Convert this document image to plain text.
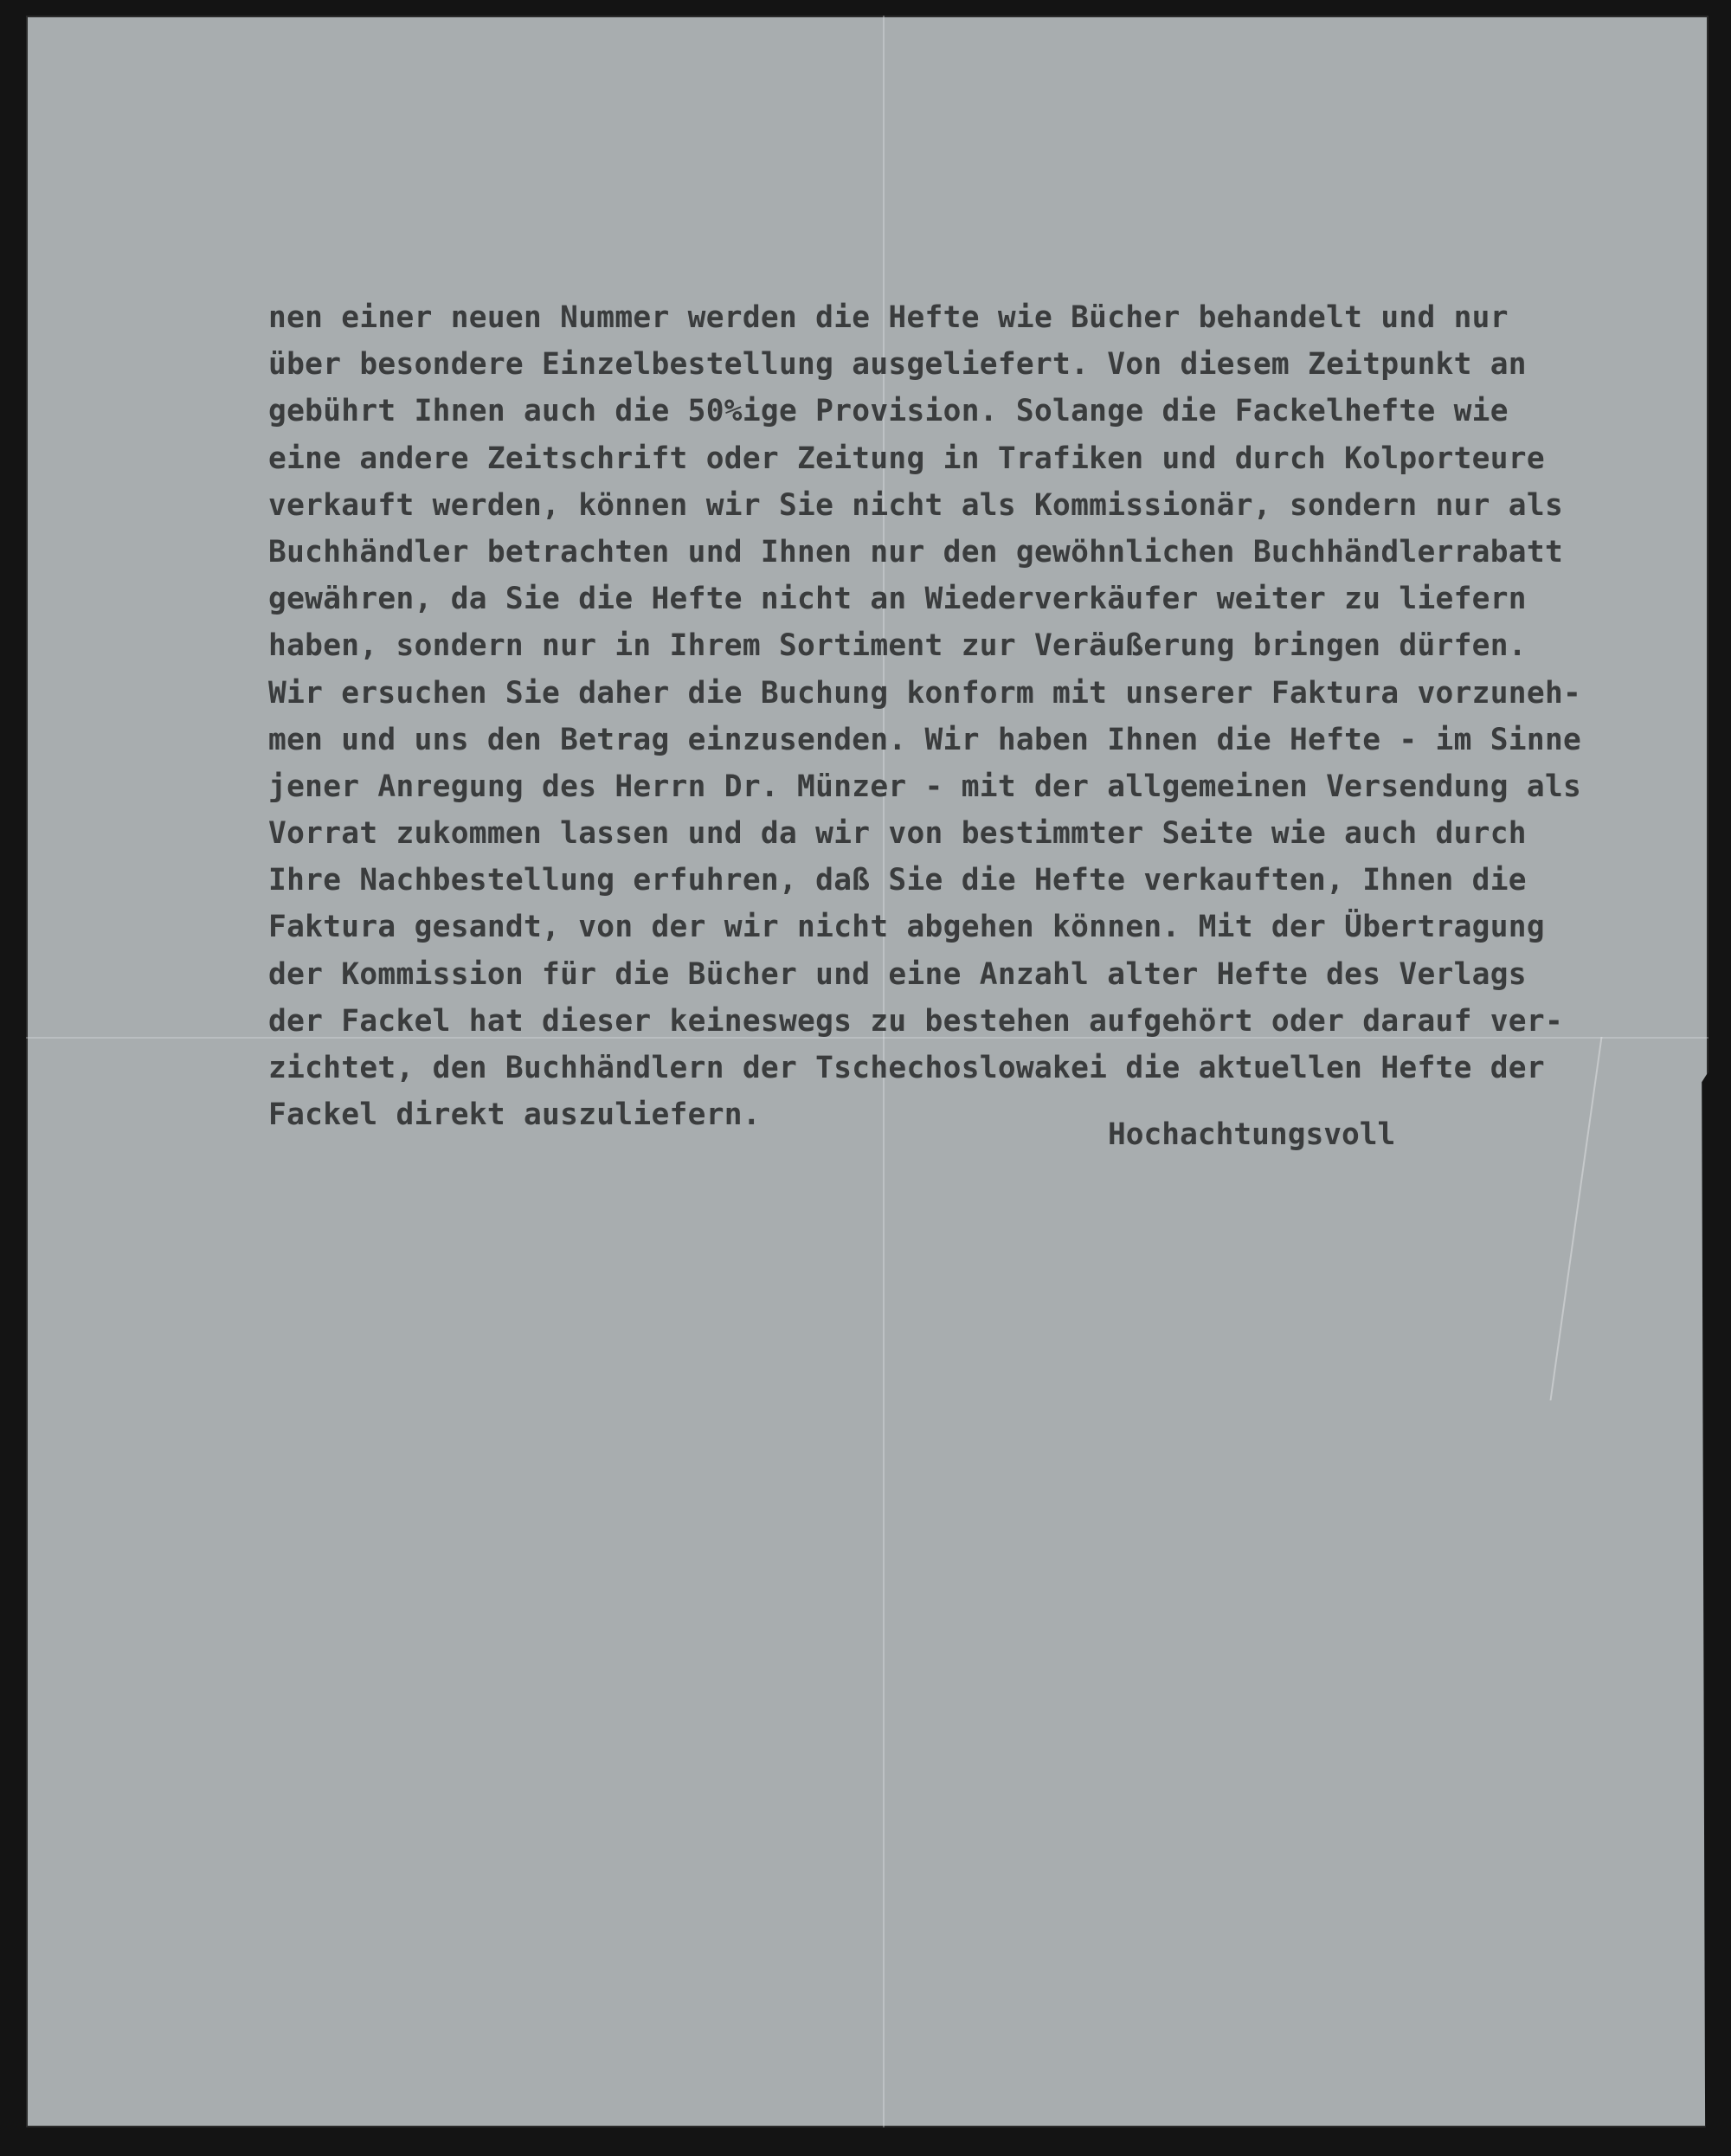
nen einer neuen Nummer werden die Hefte wie Bücher behandelt und nur
über besondere Einzelbestellung ausgeliefert. Von diesem Zeitpunkt an
gebührt Ihnen auch die 50%ige Provision. Solange die Fackelhefte wie
eine andere Zeitschrift oder Zeitung in Trafiken und durch Kolporteure
verkauft werden, können wir Sie nicht als Kommissionär, sondern nur als
Buchhändler betrachten und Ihnen nur den gewöhnlichen Buchhändlerrabatt
gewähren, da Sie die Hefte nicht an Wiederverkäufer weiter zu liefern
haben, sondern nur in Ihrem Sortiment zur Veräußerung bringen dürfen.
Wir ersuchen Sie daher die Buchung konform mit unserer Faktura vorzuneh-
men und uns den Betrag einzusenden. Wir haben Ihnen die Hefte - im Sinne
jener Anregung des Herrn Dr. Münzer - mit der allgemeinen Versendung als
Vorrat zukommen lassen und da wir von bestimmter Seite wie auch durch
Ihre Nachbestellung erfuhren, daß Sie die Hefte verkauften, Ihnen die
Faktura gesandt, von der wir nicht abgehen können. Mit der Übertragung
der Kommission für die Bücher und eine Anzahl alter Hefte des Verlags
der Fackel hat dieser keineswegs zu bestehen aufgehört oder darauf ver-
zichtet, den Buchhändlern der Tschechoslowakei die aktuellen Hefte der
Fackel direkt auszuliefern.
Hochachtungsvoll
